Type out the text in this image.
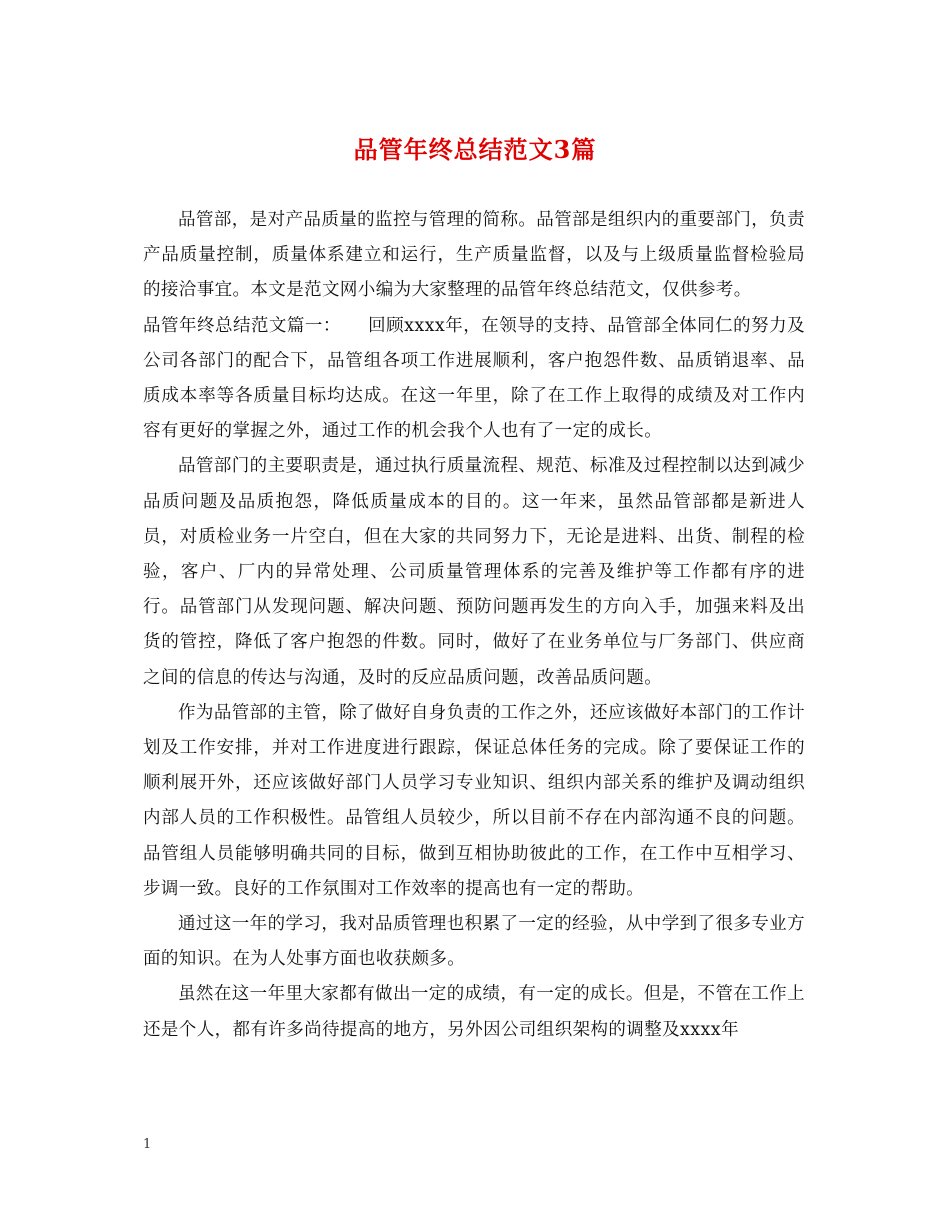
品管年终总结范文3篇

品管部，是对产品质量的监控与管理的简称。品管部是组织内的重要部门，负责产品质量控制，质量体系建立和运行，生产质量监督，以及与上级质量监督检验局的接洽事宜。本文是范文网小编为大家整理的品管年终总结范文，仅供参考。

品管年终总结范文篇一：　　回顾xxxx年，在领导的支持、品管部全体同仁的努力及公司各部门的配合下，品管组各项工作进展顺利，客户抱怨件数、品质销退率、品质成本率等各质量目标均达成。在这一年里，除了在工作上取得的成绩及对工作内容有更好的掌握之外，通过工作的机会我个人也有了一定的成长。

品管部门的主要职责是，通过执行质量流程、规范、标准及过程控制以达到减少品质问题及品质抱怨，降低质量成本的目的。这一年来，虽然品管部都是新进人员，对质检业务一片空白，但在大家的共同努力下，无论是进料、出货、制程的检验，客户、厂内的异常处理、公司质量管理体系的完善及维护等工作都有序的进行。品管部门从发现问题、解决问题、预防问题再发生的方向入手，加强来料及出货的管控，降低了客户抱怨的件数。同时，做好了在业务单位与厂务部门、供应商之间的信息的传达与沟通，及时的反应品质问题，改善品质问题。

作为品管部的主管，除了做好自身负责的工作之外，还应该做好本部门的工作计划及工作安排，并对工作进度进行跟踪，保证总体任务的完成。除了要保证工作的顺利展开外，还应该做好部门人员学习专业知识、组织内部关系的维护及调动组织内部人员的工作积极性。品管组人员较少，所以目前不存在内部沟通不良的问题。品管组人员能够明确共同的目标，做到互相协助彼此的工作，在工作中互相学习、步调一致。良好的工作氛围对工作效率的提高也有一定的帮助。

通过这一年的学习，我对品质管理也积累了一定的经验，从中学到了很多专业方面的知识。在为人处事方面也收获颇多。

虽然在这一年里大家都有做出一定的成绩，有一定的成长。但是，不管在工作上还是个人，都有许多尚待提高的地方，另外因公司组织架构的调整及xxxx年

1
